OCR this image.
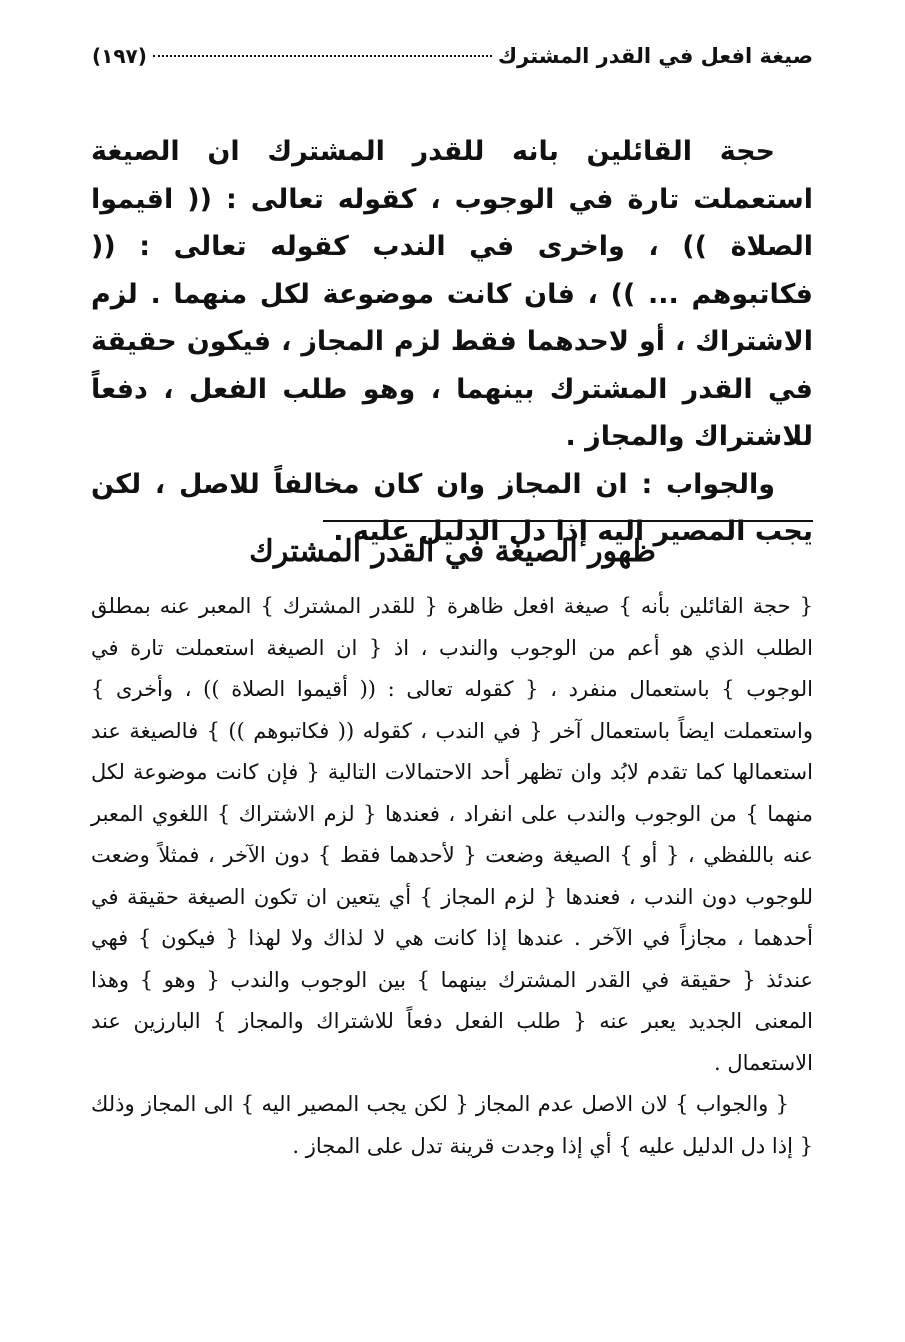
صيغة افعل في القدر المشترك
(١٩٧)

حجة القائلين بانه للقدر المشترك ان الصيغة استعملت تارة في الوجوب ، كقوله تعالى : (( اقيموا الصلاة )) ، واخرى في الندب كقوله تعالى : (( فكاتبوهم ... )) ، فان كانت موضوعة لكل منهما . لزم الاشتراك ، أو لاحدهما فقط لزم المجاز ، فيكون حقيقة في القدر المشترك بينهما ، وهو طلب الفعل ، دفعاً للاشتراك والمجاز .

والجواب : ان المجاز وان كان مخالفاً للاصل ، لكن يجب المصير اليه إذا دل الدليل عليه .

ظهور الصيغة في القدر المشترك

{ حجة القائلين بأنه } صيغة افعل ظاهرة { للقدر المشترك } المعبر عنه بمطلق الطلب الذي هو أعم من الوجوب والندب ، اذ { ان الصيغة استعملت تارة في الوجوب } باستعمال منفرد ، { كقوله تعالى : (( أقيموا الصلاة )) ، وأخرى } واستعملت ايضاً باستعمال آخر { في الندب ، كقوله (( فكاتبوهم )) } فالصيغة عند استعمالها كما تقدم لابُد وان تظهر أحد الاحتمالات التالية { فإن كانت موضوعة لكل منهما } من الوجوب والندب على انفراد ، فعندها { لزم الاشتراك } اللغوي المعبر عنه باللفظي ، { أو } الصيغة وضعت { لأحدهما فقط } دون الآخر ، فمثلاً وضعت للوجوب دون الندب ، فعندها { لزم المجاز } أي يتعين ان تكون الصيغة حقيقة في أحدهما ، مجازاً في الآخر . عندها إذا كانت هي لا لذاك ولا لهذا { فيكون } فهي عندئذ { حقيقة في القدر المشترك بينهما } بين الوجوب والندب { وهو } وهذا المعنى الجديد يعبر عنه { طلب الفعل دفعاً للاشتراك والمجاز } البارزين عند الاستعمال .

{ والجواب } لان الاصل عدم المجاز { لكن يجب المصير اليه } الى المجاز وذلك { إذا دل الدليل عليه } أي إذا وجدت قرينة تدل على المجاز .
